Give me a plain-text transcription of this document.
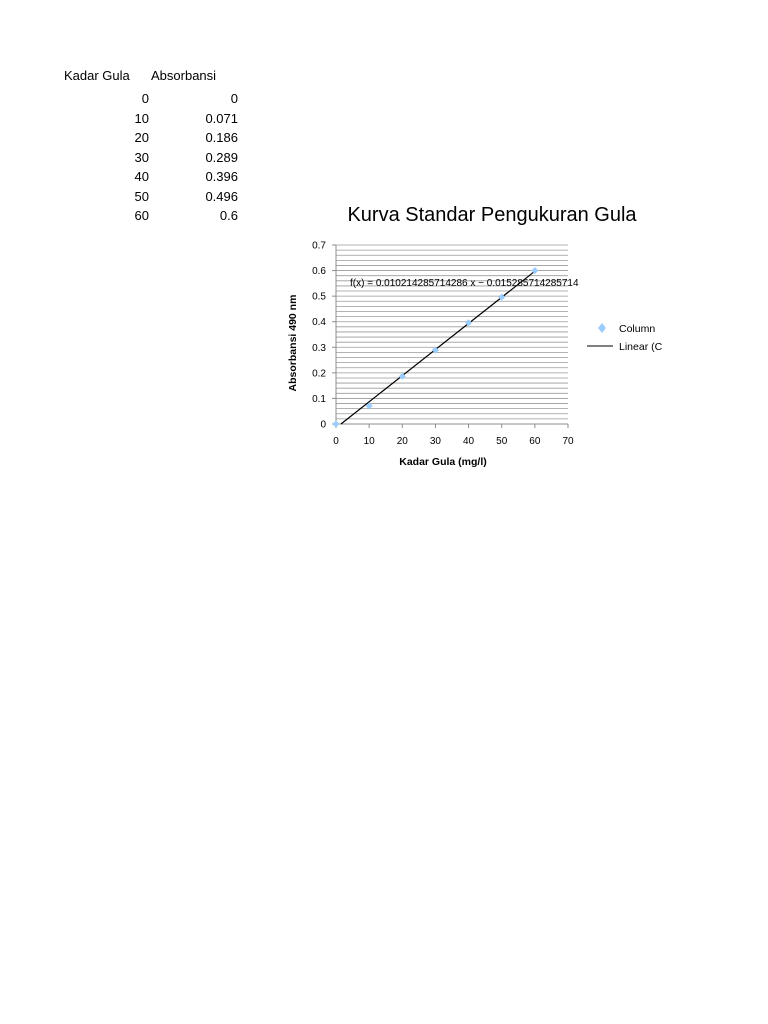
Kadar Gula Absorbansi
0	0
10	0.071
20	0.186
30	0.289
40	0.396
50	0.496
60	0.6
0 10 20 30 40 50 60 70
0
0.1
0.2
0.3
0.4
0.5
0.6
0.7
Kurva Standar Pengukuran Gula
Kadar Gula (mg/l)
Absorbansi 490 nm
f(x) = 0.010214285714286 x − 0.015285714285714
Column
Linear (C
